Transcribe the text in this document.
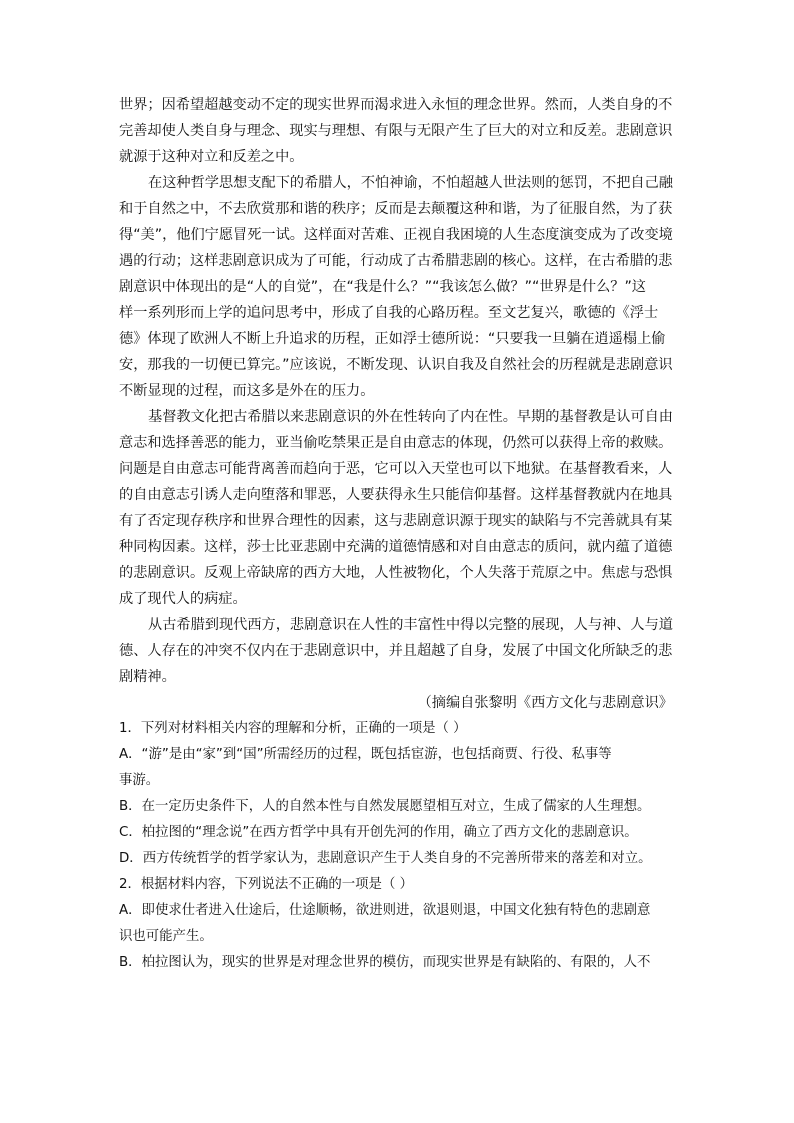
世界；因希望超越变动不定的现实世界而渴求进入永恒的理念世界。然而，人类自身的不
完善却使人类自身与理念、现实与理想、有限与无限产生了巨大的对立和反差。悲剧意识
就源于这种对立和反差之中。
在这种哲学思想支配下的希腊人，不怕神谕，不怕超越人世法则的惩罚，不把自己融
和于自然之中，不去欣赏那和谐的秩序；反而是去颠覆这种和谐，为了征服自然，为了获
得“美”，他们宁愿冒死一试。这样面对苦难、正视自我困境的人生态度演变成为了改变境
遇的行动；这样悲剧意识成为了可能，行动成了古希腊悲剧的核心。这样，在古希腊的悲
剧意识中体现出的是“人的自觉”，在“我是什么？”“我该怎么做？”“世界是什么？”这
样一系列形而上学的追问思考中，形成了自我的心路历程。至文艺复兴，歌德的《浮士
德》体现了欧洲人不断上升追求的历程，正如浮士德所说：“只要我一旦躺在逍遥榻上偷
安，那我的一切便已算完。”应该说，不断发现、认识自我及自然社会的历程就是悲剧意识
不断显现的过程，而这多是外在的压力。
基督教文化把古希腊以来悲剧意识的外在性转向了内在性。早期的基督教是认可自由
意志和选择善恶的能力，亚当偷吃禁果正是自由意志的体现，仍然可以获得上帝的救赎。
问题是自由意志可能背离善而趋向于恶，它可以入天堂也可以下地狱。在基督教看来，人
的自由意志引诱人走向堕落和罪恶，人要获得永生只能信仰基督。这样基督教就内在地具
有了否定现存秩序和世界合理性的因素，这与悲剧意识源于现实的缺陷与不完善就具有某
种同构因素。这样，莎士比亚悲剧中充满的道德情感和对自由意志的质问，就内蕴了道德
的悲剧意识。反观上帝缺席的西方大地，人性被物化，个人失落于荒原之中。焦虑与恐惧
成了现代人的病症。
从古希腊到现代西方，悲剧意识在人性的丰富性中得以完整的展现，人与神、人与道
德、人存在的冲突不仅内在于悲剧意识中，并且超越了自身，发展了中国文化所缺乏的悲
剧精神。
（摘编自张黎明《西方文化与悲剧意识》
1．下列对材料相关内容的理解和分析，正确的一项是（ ）
A．“游”是由“家”到“国”所需经历的过程，既包括宦游，也包括商贾、行役、私事等
事游。
B．在一定历史条件下，人的自然本性与自然发展愿望相互对立，生成了儒家的人生理想。
C．柏拉图的“理念说”在西方哲学中具有开创先河的作用，确立了西方文化的悲剧意识。
D．西方传统哲学的哲学家认为，悲剧意识产生于人类自身的不完善所带来的落差和对立。
2．根据材料内容，下列说法不正确的一项是（ ）
A．即使求仕者进入仕途后，仕途顺畅，欲进则进，欲退则退，中国文化独有特色的悲剧意
识也可能产生。
B．柏拉图认为，现实的世界是对理念世界的模仿，而现实世界是有缺陷的、有限的，人不
